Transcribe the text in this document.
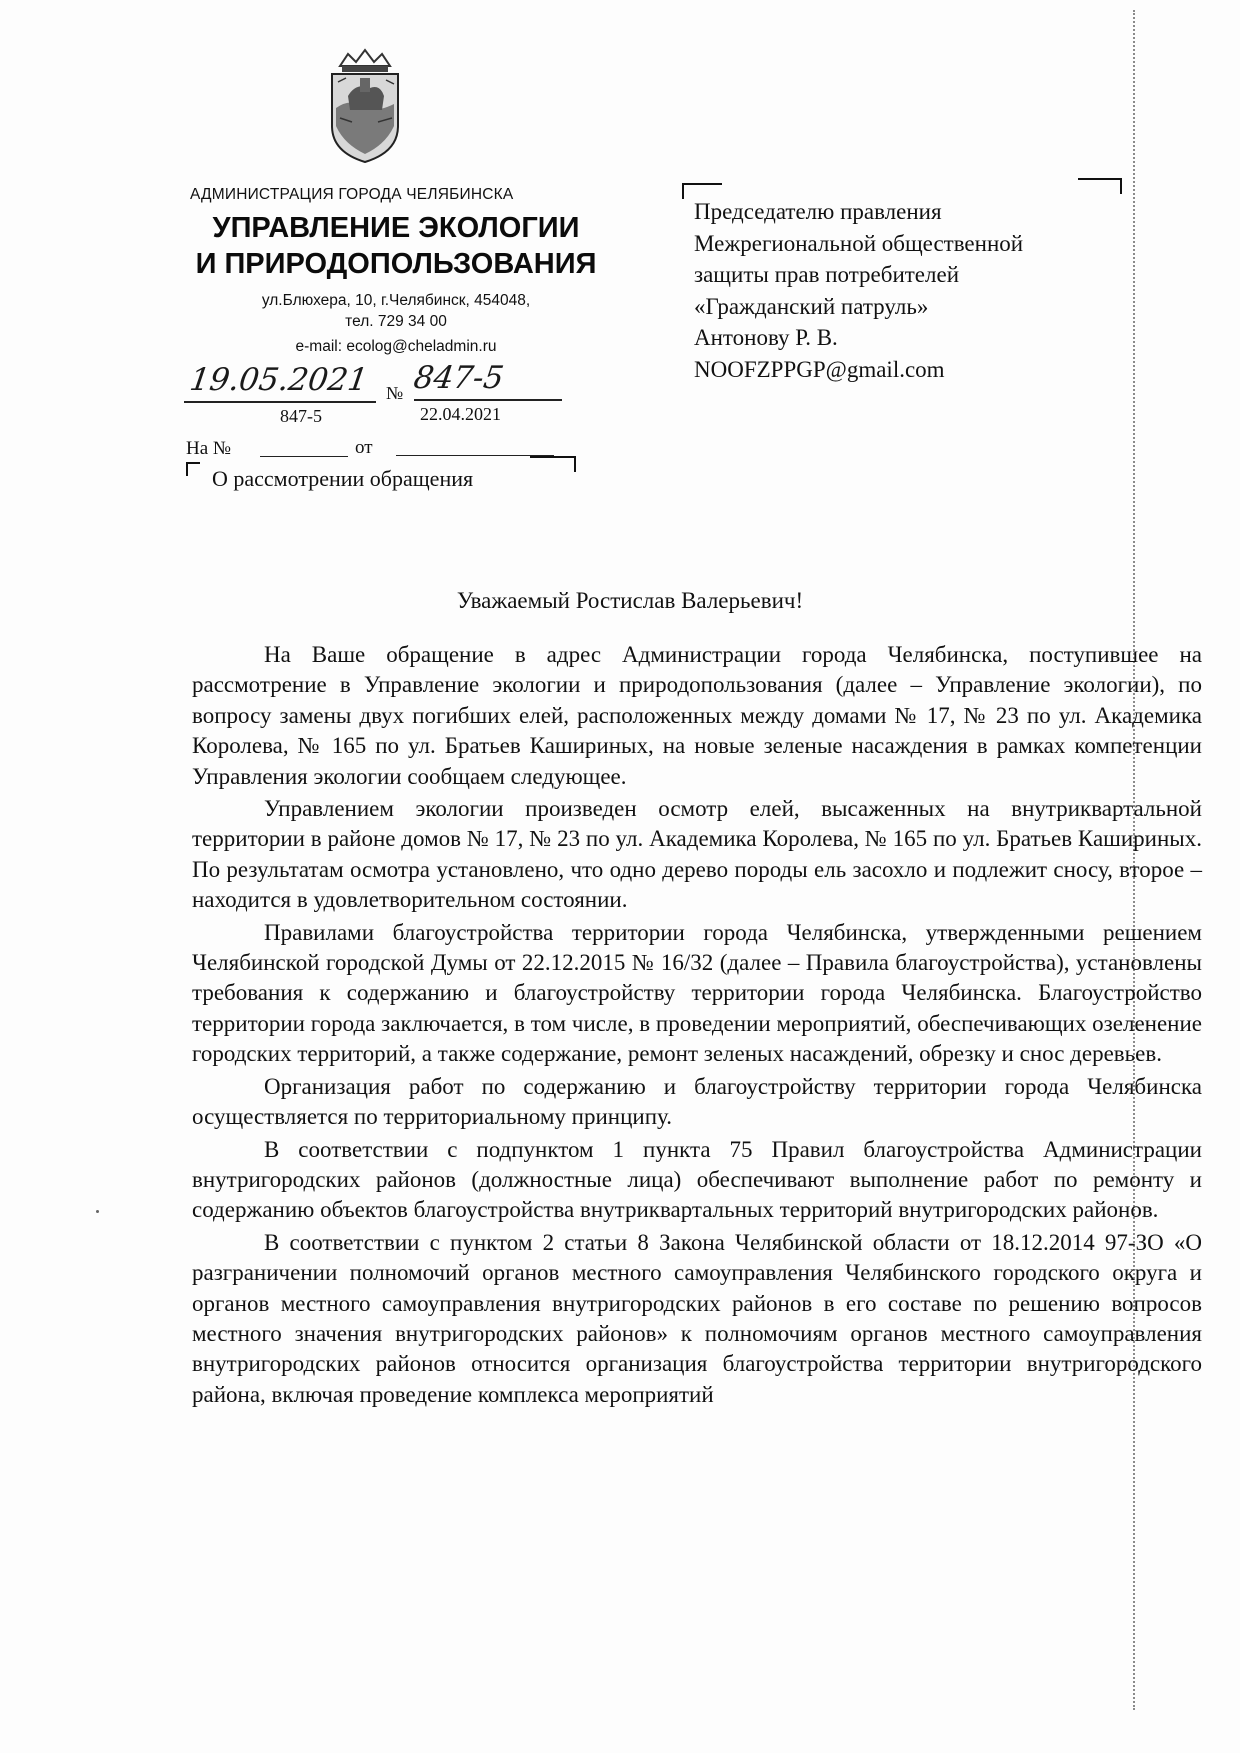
АДМИНИСТРАЦИЯ ГОРОДА ЧЕЛЯБИНСКА
УПРАВЛЕНИЕ ЭКОЛОГИИ
И ПРИРОДОПОЛЬЗОВАНИЯ
ул.Блюхера, 10, г.Челябинск, 454048,
тел. 729 34 00
e-mail: ecolog@cheladmin.ru
19.05.2021 № 847-5
847-5	22.04.2021
На №	от
О рассмотрении обращения
Председателю правления
Межрегиональной общественной
защиты прав потребителей
«Гражданский патруль»
Антонову Р. В.
NOOFZPPGP@gmail.com
Уважаемый Ростислав Валерьевич!

На Ваше обращение в адрес Администрации города Челябинска, поступившее на рассмотрение в Управление экологии и природопользования (далее – Управление экологии), по вопросу замены двух погибших елей, расположенных между домами № 17, № 23 по ул. Академика Королева, № 165 по ул. Братьев Кашириных, на новые зеленые насаждения в рамках компетенции Управления экологии сообщаем следующее.

Управлением экологии произведен осмотр елей, высаженных на внутриквартальной территории в районе домов № 17, № 23 по ул. Академика Королева, № 165 по ул. Братьев Кашириных. По результатам осмотра установлено, что одно дерево породы ель засохло и подлежит сносу, второе – находится в удовлетворительном состоянии.

Правилами благоустройства территории города Челябинска, утвержденными решением Челябинской городской Думы от 22.12.2015 № 16/32 (далее – Правила благоустройства), установлены требования к содержанию и благоустройству территории города Челябинска. Благоустройство территории города заключается, в том числе, в проведении мероприятий, обеспечивающих озеленение городских территорий, а также содержание, ремонт зеленых насаждений, обрезку и снос деревьев.

Организация работ по содержанию и благоустройству территории города Челябинска осуществляется по территориальному принципу.

В соответствии с подпунктом 1 пункта 75 Правил благоустройства Администрации внутригородских районов (должностные лица) обеспечивают выполнение работ по ремонту и содержанию объектов благоустройства внутриквартальных территорий внутригородских районов.

В соответствии с пунктом 2 статьи 8 Закона Челябинской области от 18.12.2014 97-ЗО «О разграничении полномочий органов местного самоуправления Челябинского городского округа и органов местного самоуправления внутригородских районов в его составе по решению вопросов местного значения внутригородских районов» к полномочиям органов местного самоуправления внутригородских районов относится организация благоустройства территории внутригородского района, включая проведение комплекса мероприятий
